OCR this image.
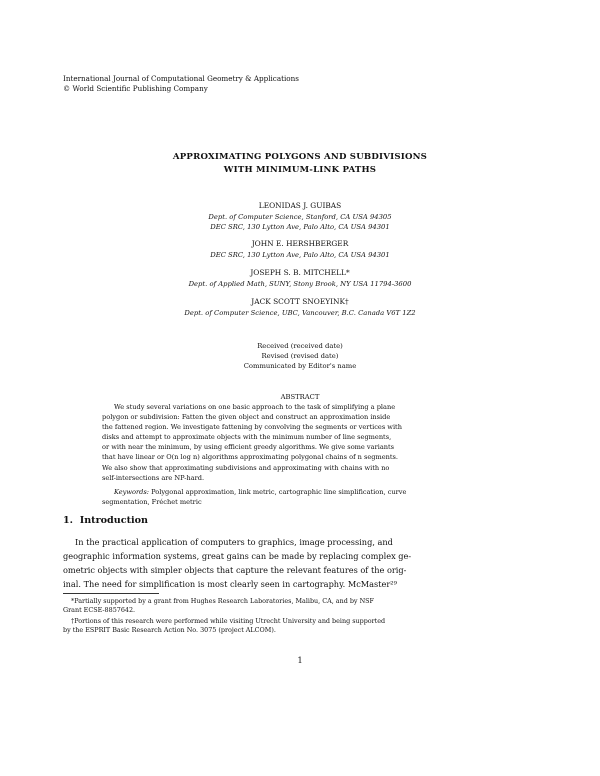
International Journal of Computational Geometry & Applications
© World Scientific Publishing Company
APPROXIMATING POLYGONS AND SUBDIVISIONS
WITH MINIMUM-LINK PATHS
LEONIDAS J. GUIBAS
Dept. of Computer Science, Stanford, CA USA 94305
DEC SRC, 130 Lytton Ave, Palo Alto, CA USA 94301
JOHN E. HERSHBERGER
DEC SRC, 130 Lytton Ave, Palo Alto, CA USA 94301
JOSEPH S. B. MITCHELL*
Dept. of Applied Math, SUNY, Stony Brook, NY USA 11794-3600
JACK SCOTT SNOEYINK†
Dept. of Computer Science, UBC, Vancouver, B.C. Canada V6T 1Z2
Received (received date)
Revised (revised date)
Communicated by Editor's name
ABSTRACT
We study several variations on one basic approach to the task of simplifying a plane
polygon or subdivision: Fatten the given object and construct an approximation inside
the fattened region. We investigate fattening by convolving the segments or vertices with
disks and attempt to approximate objects with the minimum number of line segments,
or with near the minimum, by using efficient greedy algorithms. We give some variants
that have linear or O(n log n) algorithms approximating polygonal chains of n segments.
We also show that approximating subdivisions and approximating with chains with no
self-intersections are NP-hard.
Keywords: Polygonal approximation, link metric, cartographic line simplification, curve
segmentation, Fréchet metric
1. Introduction
In the practical application of computers to graphics, image processing, and
geographic information systems, great gains can be made by replacing complex ge-
ometric objects with simpler objects that capture the relevant features of the orig-
inal. The need for simplification is most clearly seen in cartography. McMaster²⁹
*Partially supported by a grant from Hughes Research Laboratories, Malibu, CA, and by NSF
Grant ECSE-8857642.
†Portions of this research were performed while visiting Utrecht University and being supported
by the ESPRIT Basic Research Action No. 3075 (project ALCOM).
1
